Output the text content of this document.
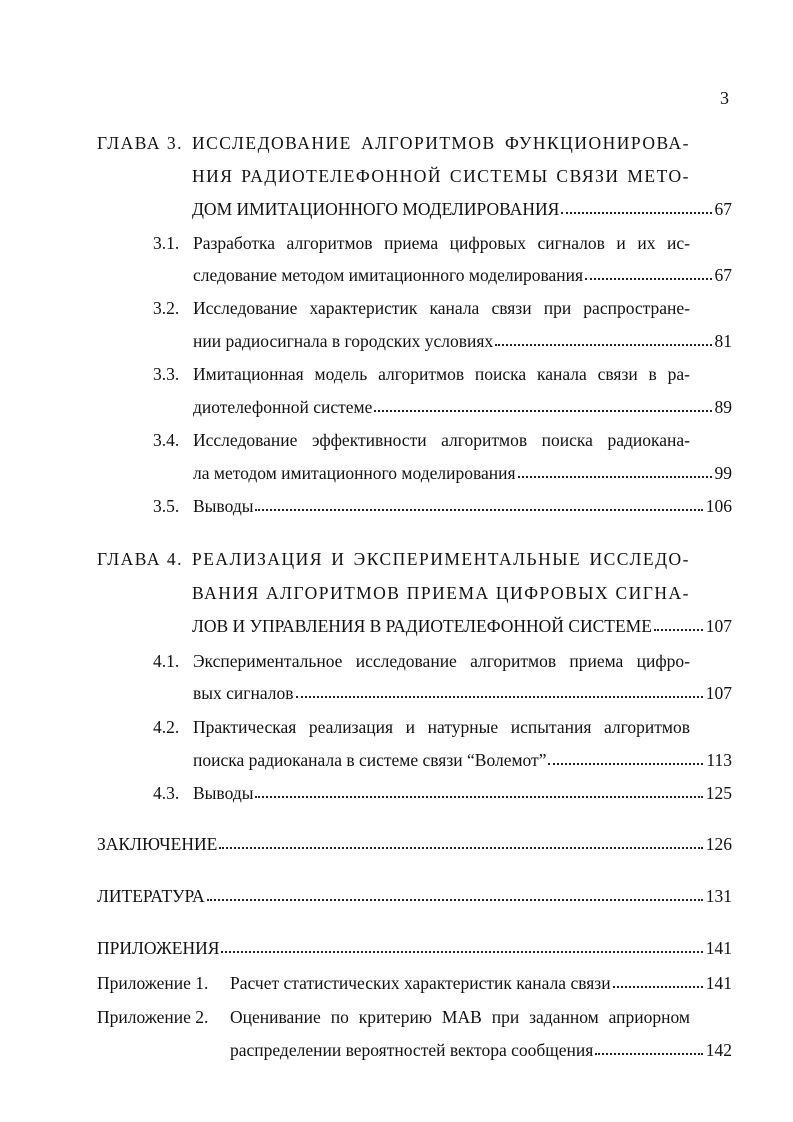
3
ГЛАВА 3. ИССЛЕДОВАНИЕ АЛГОРИТМОВ ФУНКЦИОНИРОВА-
НИЯ РАДИОТЕЛЕФОННОЙ СИСТЕМЫ СВЯЗИ МЕТО-
ДОМ ИМИТАЦИОННОГО МОДЕЛИРОВАНИЯ	67
3.1. Разработка алгоритмов приема цифровых сигналов и их ис-
следование методом имитационного моделирования	67
3.2. Исследование характеристик канала связи при распростране-
нии радиосигнала в городских условиях	81
3.3. Имитационная модель алгоритмов поиска канала связи в ра-
диотелефонной системе	89
3.4. Исследование эффективности алгоритмов поиска радиокана-
ла методом имитационного моделирования	99
3.5. Выводы	106
ГЛАВА 4. РЕАЛИЗАЦИЯ И ЭКСПЕРИМЕНТАЛЬНЫЕ ИССЛЕДО-
ВАНИЯ АЛГОРИТМОВ ПРИЕМА ЦИФРОВЫХ СИГНА-
ЛОВ И УПРАВЛЕНИЯ В РАДИОТЕЛЕФОННОЙ СИСТЕМЕ	107
4.1. Экспериментальное исследование алгоритмов приема цифро-
вых сигналов	107
4.2. Практическая реализация и натурные испытания алгоритмов
поиска радиоканала в системе связи “Волемот”	113
4.3. Выводы	125
ЗАКЛЮЧЕНИЕ	126
ЛИТЕРАТУРА	131
ПРИЛОЖЕНИЯ	141
Приложение 1. Расчет статистических характеристик канала связи	141
Приложение 2. Оценивание по критерию МАВ при заданном априорном
распределении вероятностей вектора сообщения	142
